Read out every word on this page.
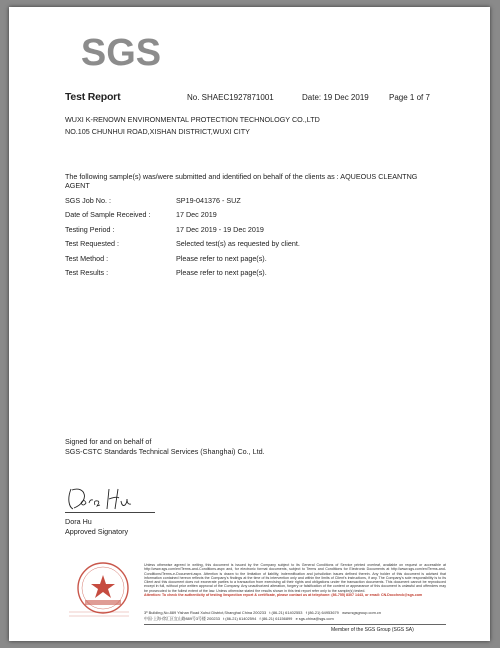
SGS
Test Report	No. SHAEC1927871001	Date: 19 Dec 2019	Page 1 of 7
WUXI K-RENOWN ENVIRONMENTAL PROTECTION TECHNOLOGY CO.,LTD
NO.105 CHUNHUI ROAD,XISHAN DISTRICT,WUXI CITY
The following sample(s) was/were submitted and identified on behalf of the clients as : AQUEOUS CLEANTNG
AGENT
SGS Job No. :	SP19-041376 - SUZ
Date of Sample Received :	17 Dec 2019
Testing Period :	17 Dec 2019 - 19 Dec 2019
Test Requested :	Selected test(s) as requested by client.
Test Method :	Please refer to next page(s).
Test Results :	Please refer to next page(s).
Signed for and on behalf of
SGS-CSTC Standards Technical Services (Shanghai) Co., Ltd.
Dora Hu
Approved Signatory
Unless otherwise agreed in writing, this document is issued by the Company subject to its General Conditions of Service printed overleaf, available on request or accessible at http://www.sgs.com/en/Terms-and-Conditions.aspx and, for electronic format documents, subject to Terms and Conditions for Electronic Documents at http://www.sgs.com/en/Terms-and-Conditions/Terms-e-Document.aspx. Attention is drawn to the limitation of liability, indemnification and jurisdiction issues defined therein. Any holder of this document is advised that information contained hereon reflects the Company's findings at the time of its intervention only and within the limits of Client's instructions, if any. The Company's sole responsibility is to its Client and this document does not exonerate parties to a transaction from exercising all their rights and obligations under the transaction documents. This document cannot be reproduced except in full, without prior written approval of the Company. Any unauthorized alteration, forgery or falsification of the content or appearance of this document is unlawful and offenders may be prosecuted to the fullest extent of the law. Unless otherwise stated the results shown in this test report refer only to the sample(s) tested.
Attention: To check the authenticity of testing /inspection report & certificate, please contact us at telephone: (86-755) 8307 1443, or email: CN.Doccheck@sgs.com
3º Building,No.889 Yishan Road Xuhui District,Shanghai China 200233 t (86-21) 61402553 f (86-21) 64953679 www.sgsgroup.com.cn
中国·上海·徐汇区宜山路889号3号楼 200233 t (86-21) 61402594 f (86-21) 61156899 e sgs.china@sgs.com
Member of the SGS Group (SGS SA)
